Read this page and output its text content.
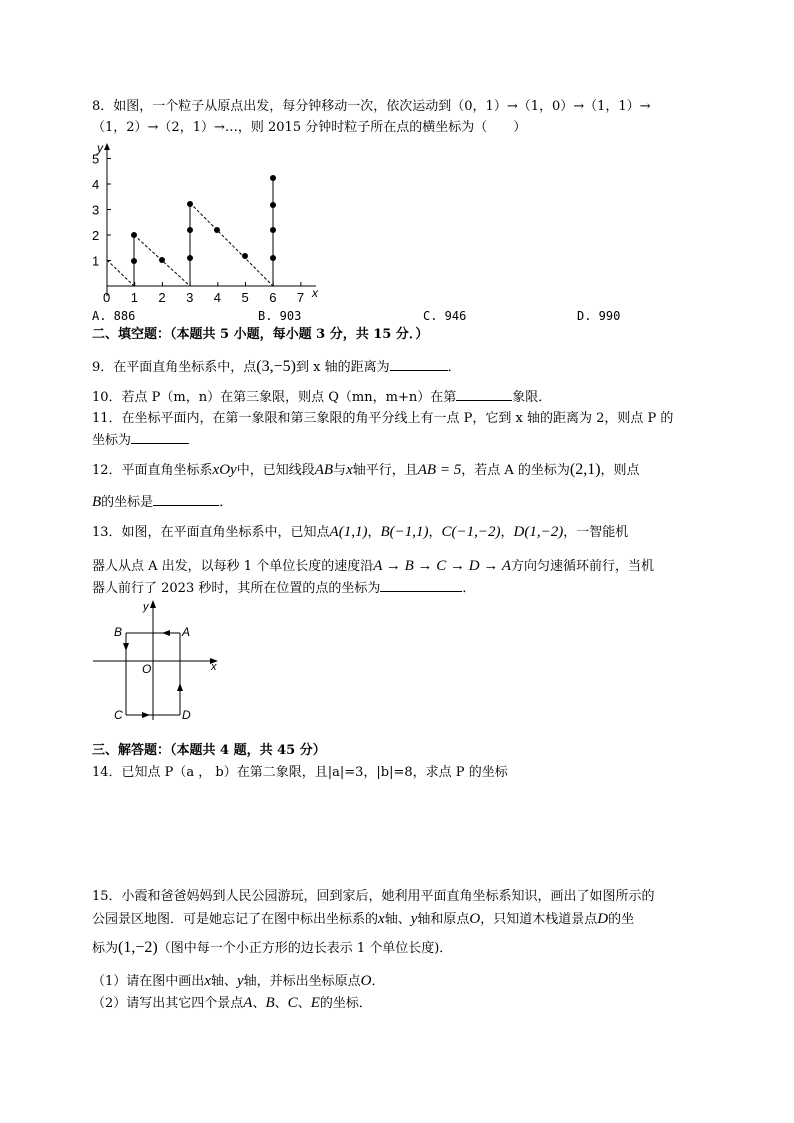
8．如图，一个粒子从原点出发，每分钟移动一次，依次运动到（0，1）→（1，0）→（1，1）→
（1，2）→（2，1）→…，则 2015 分钟时粒子所在点的横坐标为（　　）
y
x
0 1 2 3 4 5 6 7
1
2
3
4
5
A. 886	B. 903	C. 946	D. 990
二、填空题：（本题共 5 小题，每小题 3 分，共 15 分．）
9．在平面直角坐标系中，点(3,−5)到 x 轴的距离为	．
10．若点 P（m，n）在第三象限，则点 Q（mn，m+n）在第	象限．
11．在坐标平面内，在第一象限和第三象限的角平分线上有一点 P，它到 x 轴的距离为 2，则点 P 的
坐标为
12．平面直角坐标系xOy中，已知线段AB与x轴平行，且AB = 5，若点 A 的坐标为(2,1)，则点
B的坐标是	．
13．如图，在平面直角坐标系中，已知点A(1,1)，B(−1,1)，C(−1,−2)，D(1,−2)，一智能机
器人从点 A 出发，以每秒 1 个单位长度的速度沿A → B → C → D → A方向匀速循环前行，当机
器人前行了 2023 秒时，其所在位置的点的坐标为	．
x
y
O
A
B
C	D
三、解答题：（本题共 4 题，共 45 分）
14．已知点 P（a ， b）在第二象限，且|a|=3，|b|=8，求点 P 的坐标
15．小霞和爸爸妈妈到人民公园游玩，回到家后，她利用平面直角坐标系知识，画出了如图所示的
公园景区地图．可是她忘记了在图中标出坐标系的x轴、y轴和原点O，只知道木栈道景点D的坐
标为(1,−2)（图中每一个小正方形的边长表示 1 个单位长度)．
（1）请在图中画出x轴、y轴，并标出坐标原点O．
（2）请写出其它四个景点A、B、C、E的坐标．
